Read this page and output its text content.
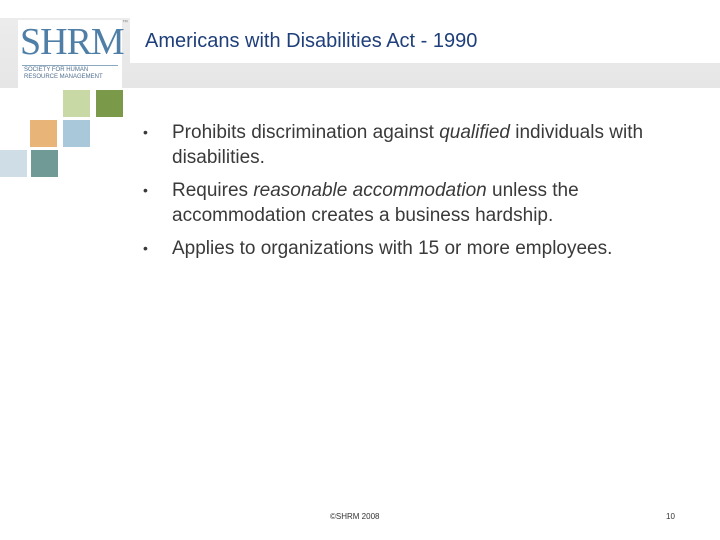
Americans with Disabilities Act - 1990
SHRM
™
SOCIETY FOR HUMAN RESOURCE MANAGEMENT
• Prohibits discrimination against qualified individuals with disabilities.
• Requires reasonable accommodation unless the accommodation creates a business hardship.
• Applies to organizations with 15 or more employees.
©SHRM 2008	10
